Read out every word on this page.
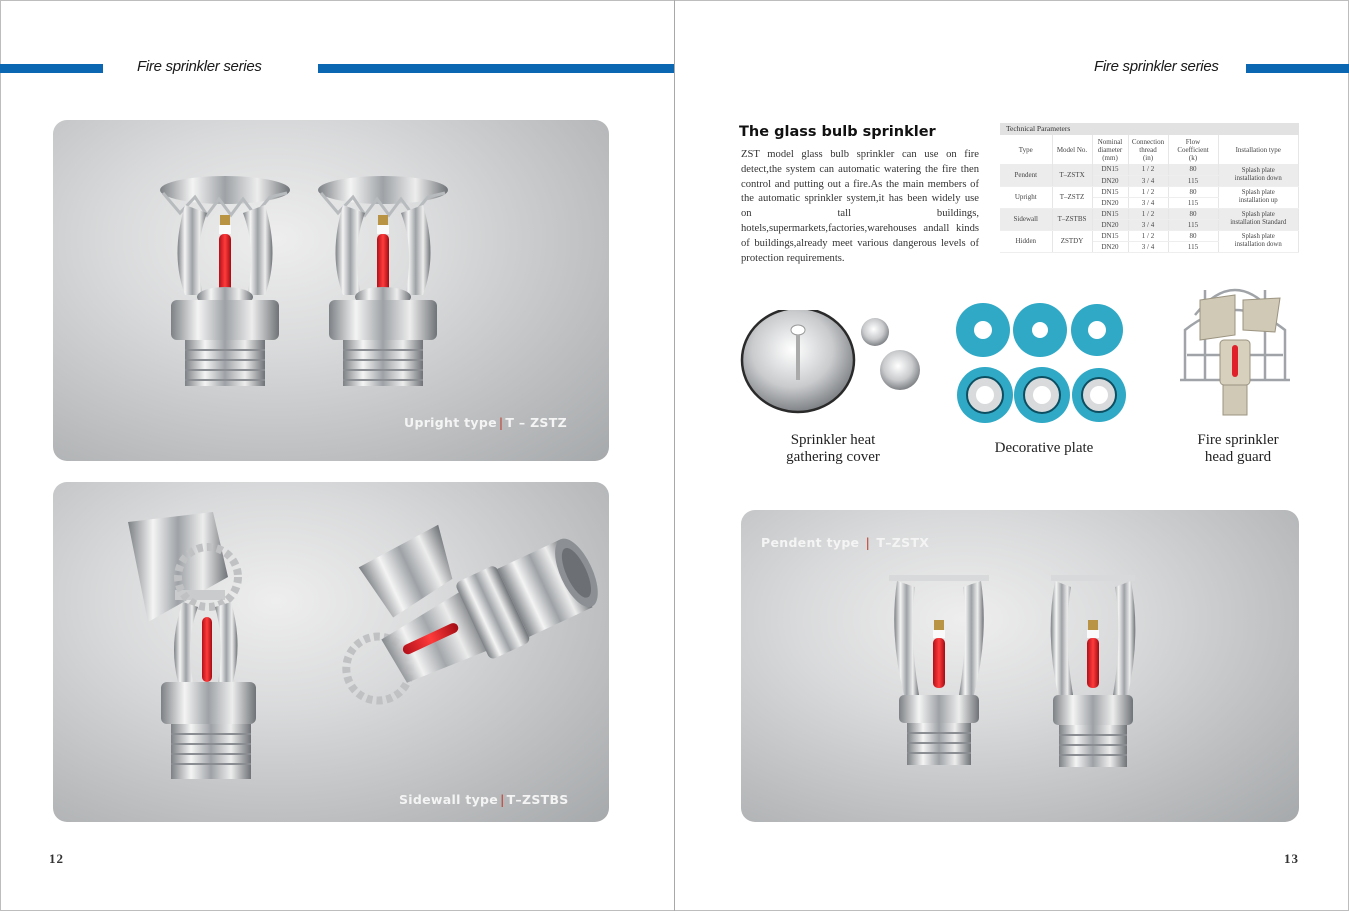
Fire sprinkler series	Fire sprinkler series
Upright type | T – ZSTZ
Sidewall type | T–ZSTBS
12
The glass bulb sprinkler
ZST model glass bulb sprinkler can use on fire detect,the system can automatic watering the fire then control and putting out a fire.As the main members of the automatic sprinkler system,it has been widely use on tall buildings, hotels,supermarkets,factories,warehouses andall kinds of buildings,already meet various dangerous levels of protection requirements.
Technical Parameters
Type	Model No.	Nominal
diameter
(mm)	Connection
thread
(in)	Flow
Coefficient
(k)	Installation type
Pendent	T–ZSTX	DN15	1 / 2	80	Splash plate
installation down
		DN20	3 / 4	115	
Upright	T–ZSTZ	DN15	1 / 2	80	Splash plate
installation up
		DN20	3 / 4	115	
Sidewall	T–ZSTBS	DN15	1 / 2	80	Splash plate
installation Standard
		DN20	3 / 4	115	
Hidden	ZSTDY	DN15	1 / 2	80	Splash plate
installation down
		DN20	3 / 4	115	
Sprinkler heat
gathering cover
Decorative plate	Fire sprinkler
head guard
Pendent type | T–ZSTX
13
